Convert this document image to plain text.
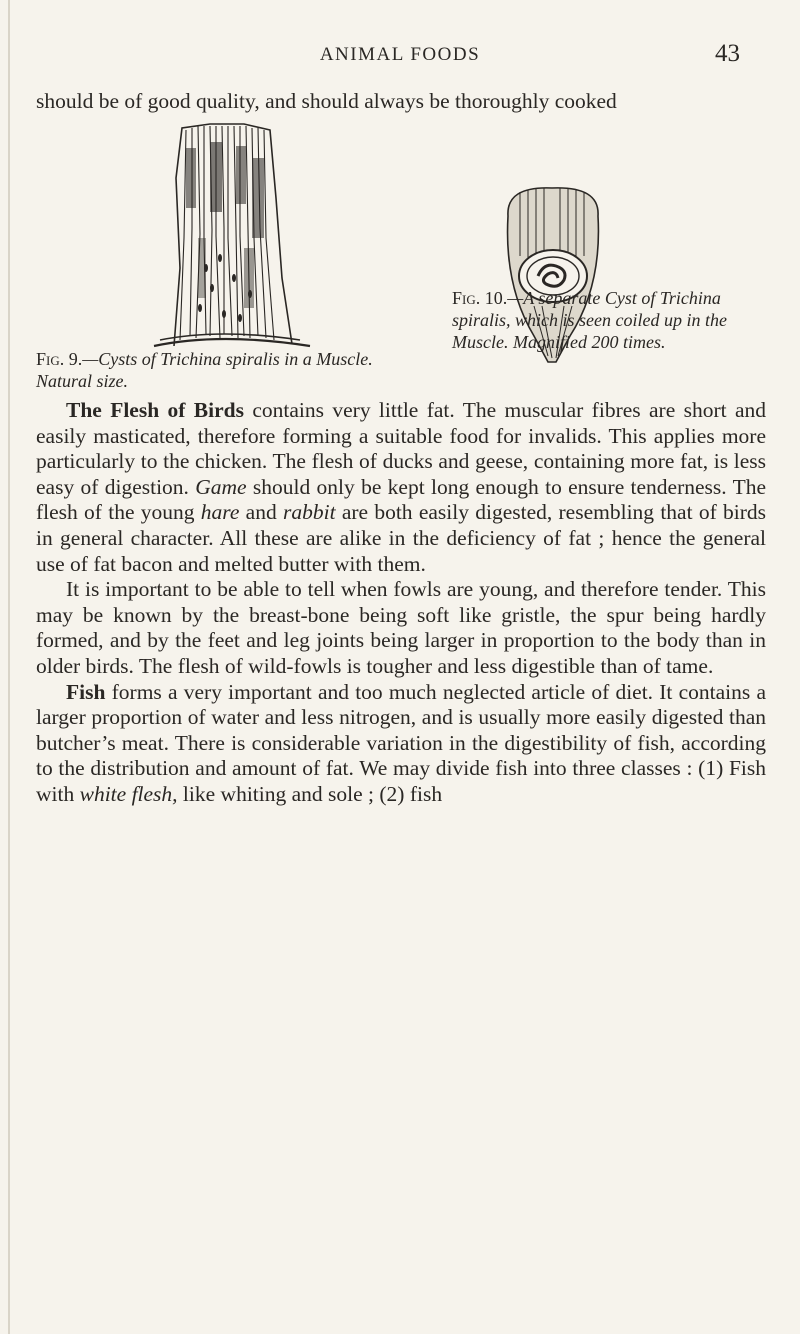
ANIMAL FOODS	43
should be of good quality, and should always be thoroughly cooked
Fig. 9.—Cysts of Trichina spiralis in a Muscle. Natural size.
Fig. 10.—A separate Cyst of Trichina spiralis, which is seen coiled up in the Muscle. Magnified 200 times.

The Flesh of Birds contains very little fat. The muscular fibres are short and easily masticated, therefore forming a suitable food for invalids. This applies more particularly to the chicken. The flesh of ducks and geese, containing more fat, is less easy of digestion. Game should only be kept long enough to ensure tenderness. The flesh of the young hare and rabbit are both easily digested, resembling that of birds in general character. All these are alike in the deficiency of fat ; hence the general use of fat bacon and melted butter with them.

It is important to be able to tell when fowls are young, and therefore tender. This may be known by the breast-bone being soft like gristle, the spur being hardly formed, and by the feet and leg joints being larger in proportion to the body than in older birds. The flesh of wild-fowls is tougher and less digestible than of tame.

Fish forms a very important and too much neglected article of diet. It contains a larger proportion of water and less nitrogen, and is usually more easily digested than butcher’s meat. There is considerable variation in the digestibility of fish, according to the distribution and amount of fat. We may divide fish into three classes : (1) Fish with white flesh, like whiting and sole ; (2) fish
